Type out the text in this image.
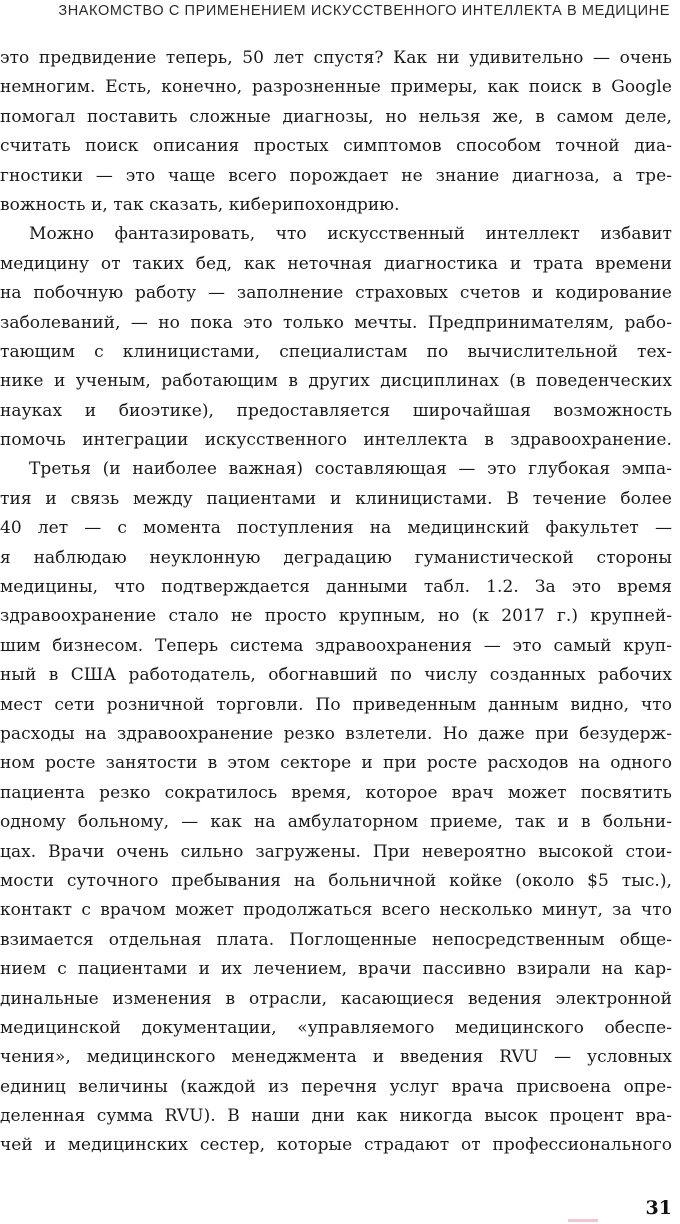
ЗНАКОМСТВО С ПРИМЕНЕНИЕМ ИСКУССТВЕННОГО ИНТЕЛЛЕКТА В МЕДИЦИНЕ
это предвидение теперь, 50 лет спустя? Как ни удивительно — очень
немногим. Есть, конечно, разрозненные примеры, как поиск в Google
помогал поставить сложные диагнозы, но нельзя же, в самом деле,
считать поиск описания простых симптомов способом точной диа-
гностики — это чаще всего порождает не знание диагноза, а тре-
вожность и, так сказать, киберипохондрию.
Можно фантазировать, что искусственный интеллект избавит
медицину от таких бед, как неточная диагностика и трата времени
на побочную работу — заполнение страховых счетов и кодирование
заболеваний, — но пока это только мечты. Предпринимателям, рабо-
тающим с клиницистами, специалистам по вычислительной тех-
нике и ученым, работающим в других дисциплинах (в поведенческих
науках и биоэтике), предоставляется широчайшая возможность
помочь интеграции искусственного интеллекта в здравоохранение.
Третья (и наиболее важная) составляющая — это глубокая эмпа-
тия и связь между пациентами и клиницистами. В течение более
40 лет — с момента поступления на медицинский факультет —
я наблюдаю неуклонную деградацию гуманистической стороны
медицины, что подтверждается данными табл. 1.2. За это время
здравоохранение стало не просто крупным, но (к 2017 г.) крупней-
шим бизнесом. Теперь система здравоохранения — это самый круп-
ный в США работодатель, обогнавший по числу созданных рабочих
мест сети розничной торговли. По приведенным данным видно, что
расходы на здравоохранение резко взлетели. Но даже при безудерж-
ном росте занятости в этом секторе и при росте расходов на одного
пациента резко сократилось время, которое врач может посвятить
одному больному, — как на амбулаторном приеме, так и в больни-
цах. Врачи очень сильно загружены. При невероятно высокой стои-
мости суточного пребывания на больничной койке (около $5 тыс.),
контакт с врачом может продолжаться всего несколько минут, за что
взимается отдельная плата. Поглощенные непосредственным обще-
нием с пациентами и их лечением, врачи пассивно взирали на кар-
динальные изменения в отрасли, касающиеся ведения электронной
медицинской документации, «управляемого медицинского обеспе-
чения», медицинского менеджмента и введения RVU — условных
единиц величины (каждой из перечня услуг врача присвоена опре-
деленная сумма RVU). В наши дни как никогда высок процент вра-
чей и медицинских сестер, которые страдают от профессионального
31
